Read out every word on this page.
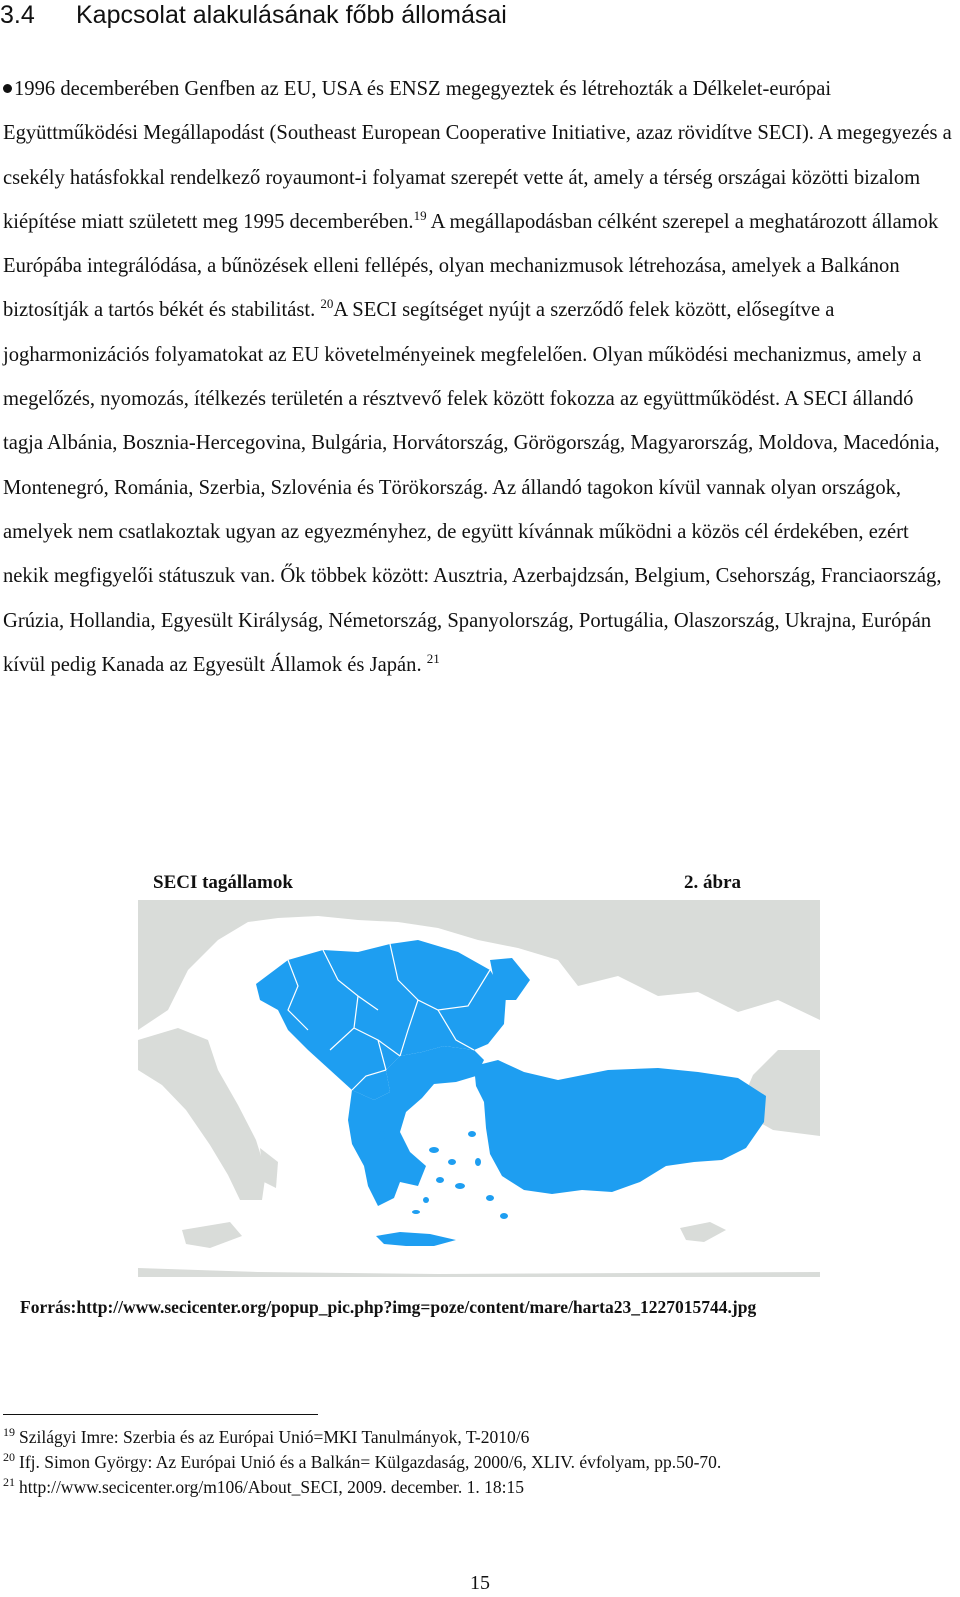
3.4 Kapcsolat alakulásának főbb állomásai
1996 decemberében Genfben az EU, USA és ENSZ megegyeztek és létrehozták a Délkelet-európai Együttműködési Megállapodást (Southeast European Cooperative Initiative, azaz rövidítve SECI). A megegyezés a csekély hatásfokkal rendelkező royaumont-i folyamat szerepét vette át, amely a térség országai közötti bizalom kiépítése miatt született meg 1995 decemberében.$^{19}$ A megállapodásban célként szerepel a meghatározott államok Európába integrálódása, a bűnözések elleni fellépés, olyan mechanizmusok létrehozása, amelyek a Balkánon biztosítják a tartós békét és stabilitást. $^{20}$A SECI segítséget nyújt a szerződő felek között, elősegítve a jogharmonizációs folyamatokat az EU követelményeinek megfelelően. Olyan működési mechanizmus, amely a megelőzés, nyomozás, ítélkezés területén a résztvevő felek között fokozza az együttműködést. A SECI állandó tagja Albánia, Bosznia-Hercegovina, Bulgária, Horvátország, Görögország, Magyarország, Moldova, Macedónia, Montenegró, Románia, Szerbia, Szlovénia és Törökország. Az állandó tagokon kívül vannak olyan országok, amelyek nem csatlakoztak ugyan az egyezményhez, de együtt kívánnak működni a közös cél érdekében, ezért nekik megfigyelői státuszuk van. Ők többek között: Ausztria, Azerbajdzsán, Belgium, Csehország, Franciaország, Grúzia, Hollandia, Egyesült Királyság, Németország, Spanyolország, Portugália, Olaszország, Ukrajna, Európán kívül pedig Kanada az Egyesült Államok és Japán. $^{21}$
SECI tagállamok	2. ábra
Forrás:http://www.secicenter.org/popup_pic.php?img=poze/content/mare/harta23_1227015744.jpg
$^{19}$ Szilágyi Imre: Szerbia és az Európai Unió=MKI Tanulmányok, T-2010/6
$^{20}$ Ifj. Simon György: Az Európai Unió és a Balkán= Külgazdaság, 2000/6, XLIV. évfolyam, pp.50-70.
$^{21}$ http://www.secicenter.org/m106/About_SECI, 2009. december. 1. 18:15
15
